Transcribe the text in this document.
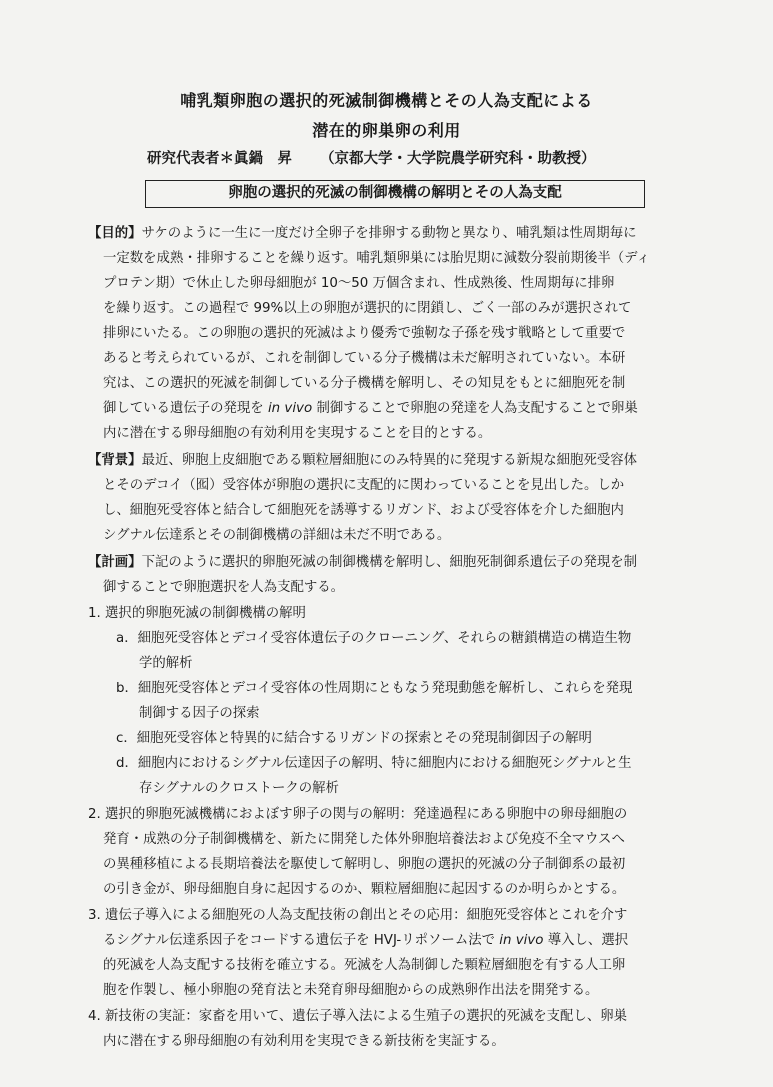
哺乳類卵胞の選択的死滅制御機構とその人為支配による
潜在的卵巣卵の利用
研究代表者＊眞鍋　昇 （京都大学・大学院農学研究科・助教授）
卵胞の選択的死滅の制御機構の解明とその人為支配
【目的】サケのように一生に一度だけ全卵子を排卵する動物と異なり、哺乳類は性周期毎に
一定数を成熟・排卵することを繰り返す。哺乳類卵巣には胎児期に減数分裂前期後半（ディ
プロテン期）で休止した卵母細胞が 10～50 万個含まれ、性成熟後、性周期毎に排卵
を繰り返す。この過程で 99%以上の卵胞が選択的に閉鎖し、ごく一部のみが選択されて
排卵にいたる。この卵胞の選択的死滅はより優秀で強靭な子孫を残す戦略として重要で
あると考えられているが、これを制御している分子機構は未だ解明されていない。本研
究は、この選択的死滅を制御している分子機構を解明し、その知見をもとに細胞死を制
御している遺伝子の発現を in vivo 制御することで卵胞の発達を人為支配することで卵巣
内に潜在する卵母細胞の有効利用を実現することを目的とする。
【背景】最近、卵胞上皮細胞である顆粒層細胞にのみ特異的に発現する新規な細胞死受容体
とそのデコイ（囮）受容体が卵胞の選択に支配的に関わっていることを見出した。しか
し、細胞死受容体と結合して細胞死を誘導するリガンド、および受容体を介した細胞内
シグナル伝達系とその制御機構の詳細は未だ不明である。
【計画】下記のように選択的卵胞死滅の制御機構を解明し、細胞死制御系遺伝子の発現を制
御することで卵胞選択を人為支配する。
1. 選択的卵胞死滅の制御機構の解明
a．細胞死受容体とデコイ受容体遺伝子のクローニング、それらの糖鎖構造の構造生物
学的解析
b．細胞死受容体とデコイ受容体の性周期にともなう発現動態を解析し、これらを発現
制御する因子の探索
c．細胞死受容体と特異的に結合するリガンドの探索とその発現制御因子の解明
d．細胞内におけるシグナル伝達因子の解明、特に細胞内における細胞死シグナルと生
存シグナルのクロストークの解析
2. 選択的卵胞死滅機構におよぼす卵子の関与の解明：発達過程にある卵胞中の卵母細胞の
発育・成熟の分子制御機構を、新たに開発した体外卵胞培養法および免疫不全マウスへ
の異種移植による長期培養法を駆使して解明し、卵胞の選択的死滅の分子制御系の最初
の引き金が、卵母細胞自身に起因するのか、顆粒層細胞に起因するのか明らかとする。
3. 遺伝子導入による細胞死の人為支配技術の創出とその応用：細胞死受容体とこれを介す
るシグナル伝達系因子をコードする遺伝子を HVJ-リポソーム法で in vivo 導入し、選択
的死滅を人為支配する技術を確立する。死滅を人為制御した顆粒層細胞を有する人工卵
胞を作製し、極小卵胞の発育法と未発育卵母細胞からの成熟卵作出法を開発する。
4. 新技術の実証：家畜を用いて、遺伝子導入法による生殖子の選択的死滅を支配し、卵巣
内に潜在する卵母細胞の有効利用を実現できる新技術を実証する。
